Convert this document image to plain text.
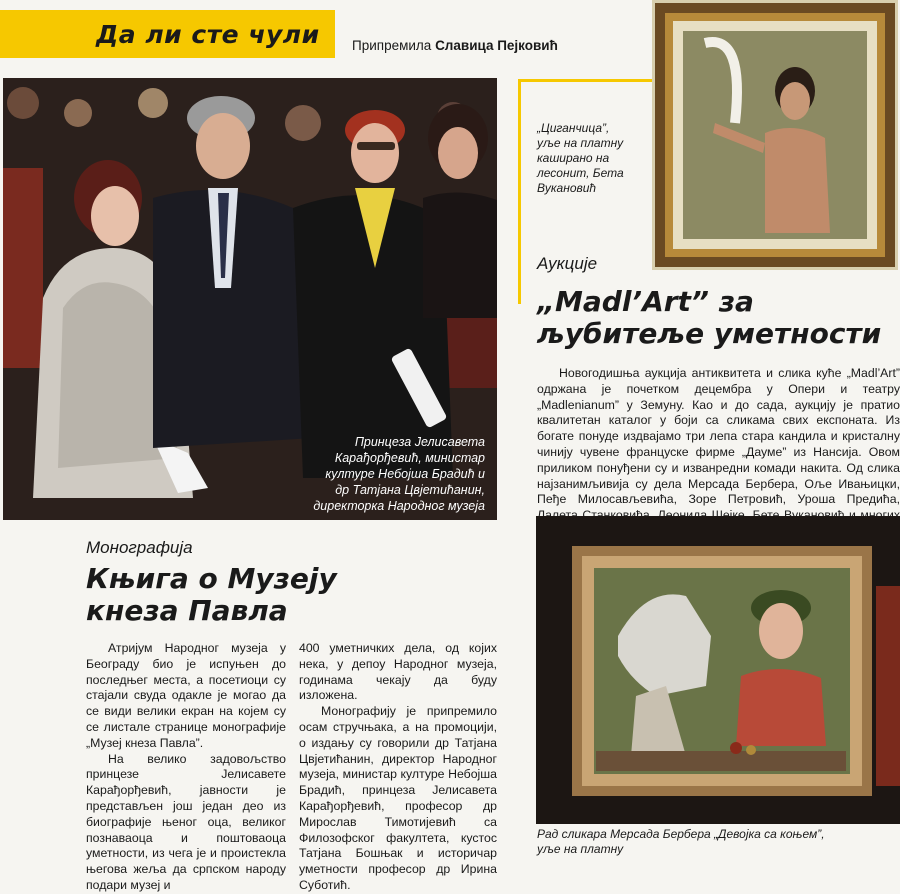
Да ли сте чули Припремила Славица Пејковић
Принцеза Јелисавета
Карађорђевић, министар
културе Небојша Брадић и
др Татјана Цвјетићанин,
директорка Народног музеја
Монографија
Књига о Музеју
кнеза Павла

Атријум Народног музеја у Београду био је испуњен до последњег места, а посетиоци су стајали свуда одакле је могао да се види велики екран на којем су се листале странице монографије „Музеј кнеза Павла”.

На велико задовољство принцезе Јелисавете Карађорђевић, јавности је представљен још један део из биографије њеног оца, великог познаваоца и поштоваоца уметности, из чега је и проистекла његова жеља да српском народу подари музеј и

400 уметничких дела, од којих нека, у депоу Народног музеја, годинама чекају да буду изложена.

Монографију је припремило осам стручњака, а на промоцији, о издању су говорили др Татјана Цвјетићанин, директор Народног музеја, министар културе Небојша Брадић, принцеза Јелисавета Карађорђевић, професор др Мирослав Тимотијевић са Филозофског факултета, кустос Татјана Бошњак и историчар уметности професор др Ирина Суботић.

„Циганчица”,
уље на платну
кaширано на
лесонит, Бета
Вукановић
Аукције
„Madl’Art” за
љубитеље уметности

Новогодишња аукција антиквитета и слика куће „Madl’Art” одржана је почетком децембра у Опери и театру „Madlenianum” у Земуну. Као и до сада, аукцију је пратио квалитетан каталог у боји са сликама свих експоната. Из богате понуде издвајамо три лепа стара кандила и кристалну чинију чувене француске фирме „Даумe” из Нансија. Овом приликом понуђени су и изванредни комади накита. Од слика најзанимљивија су дела Мерсада Бербера, Оље Ивањицки, Пеђе Милосављевића, Зоре Петровић, Уроша Предића,

Рад сликара Мерсада Бербера „Девојка са коњем”,
уље на платну
